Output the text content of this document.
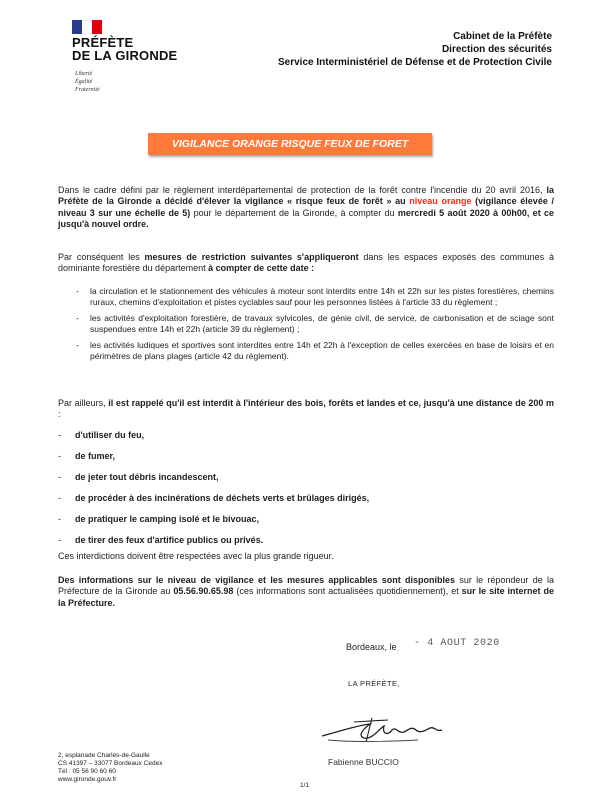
PRÉFÈTE
DE LA GIRONDE
Liberté
Égalité
Fraternité
Cabinet de la Préfète
Direction des sécurités
Service Interministériel de Défense et de Protection Civile
VIGILANCE ORANGE RISQUE FEUX DE FORET
Dans le cadre défini par le règlement interdépartemental de protection de la forêt contre l'incendie du 20 avril 2016, la Préfète de la Gironde a décidé d'élever la vigilance « risque feux de forêt » au niveau orange (vigilance élevée / niveau 3 sur une échelle de 5) pour le département de la Gironde, à compter du mercredi 5 août 2020 à 00h00, et ce jusqu'à nouvel ordre.
Par conséquent les mesures de restriction suivantes s'appliqueront dans les espaces exposés des communes à dominante forestière du département à compter de cette date :
- la circulation et le stationnement des véhicules à moteur sont interdits entre 14h et 22h sur les pistes forestières, chemins ruraux, chemins d'exploitation et pistes cyclables sauf pour les personnes listées à l'article 33 du règlement ;
- les activités d'exploitation forestière, de travaux sylvicoles, de génie civil, de service, de carbonisation et de sciage sont suspendues entre 14h et 22h (article 39 du règlement) ;
- les activités ludiques et sportives sont interdites entre 14h et 22h à l'exception de celles exercées en base de loisirs et en périmètres de plans plages (article 42 du règlement).
Par ailleurs, il est rappelé qu'il est interdit à l'intérieur des bois, forêts et landes et ce, jusqu'à une distance de 200 m :
- d'utiliser du feu,
- de fumer,
- de jeter tout débris incandescent,
- de procéder à des incinérations de déchets verts et brûlages dirigés,
- de pratiquer le camping isolé et le bivouac,
- de tirer des feux d'artifice publics ou privés.
Ces interdictions doivent être respectées avec la plus grande rigueur.
Des informations sur le niveau de vigilance et les mesures applicables sont disponibles sur le répondeur de la Préfecture de la Gironde au 05.56.90.65.98 (ces informations sont actualisées quotidiennement), et sur le site internet de la Préfecture.
Bordeaux, le - 4 AOUT 2020
LA PRÉFÈTE,
Fabienne BUCCIO
2, esplanade Charles-de-Gaulle
CS 41397 – 33077 Bordeaux Cedex
Tél : 05 56 90 60 60
www.gironde.gouv.fr
1/1
